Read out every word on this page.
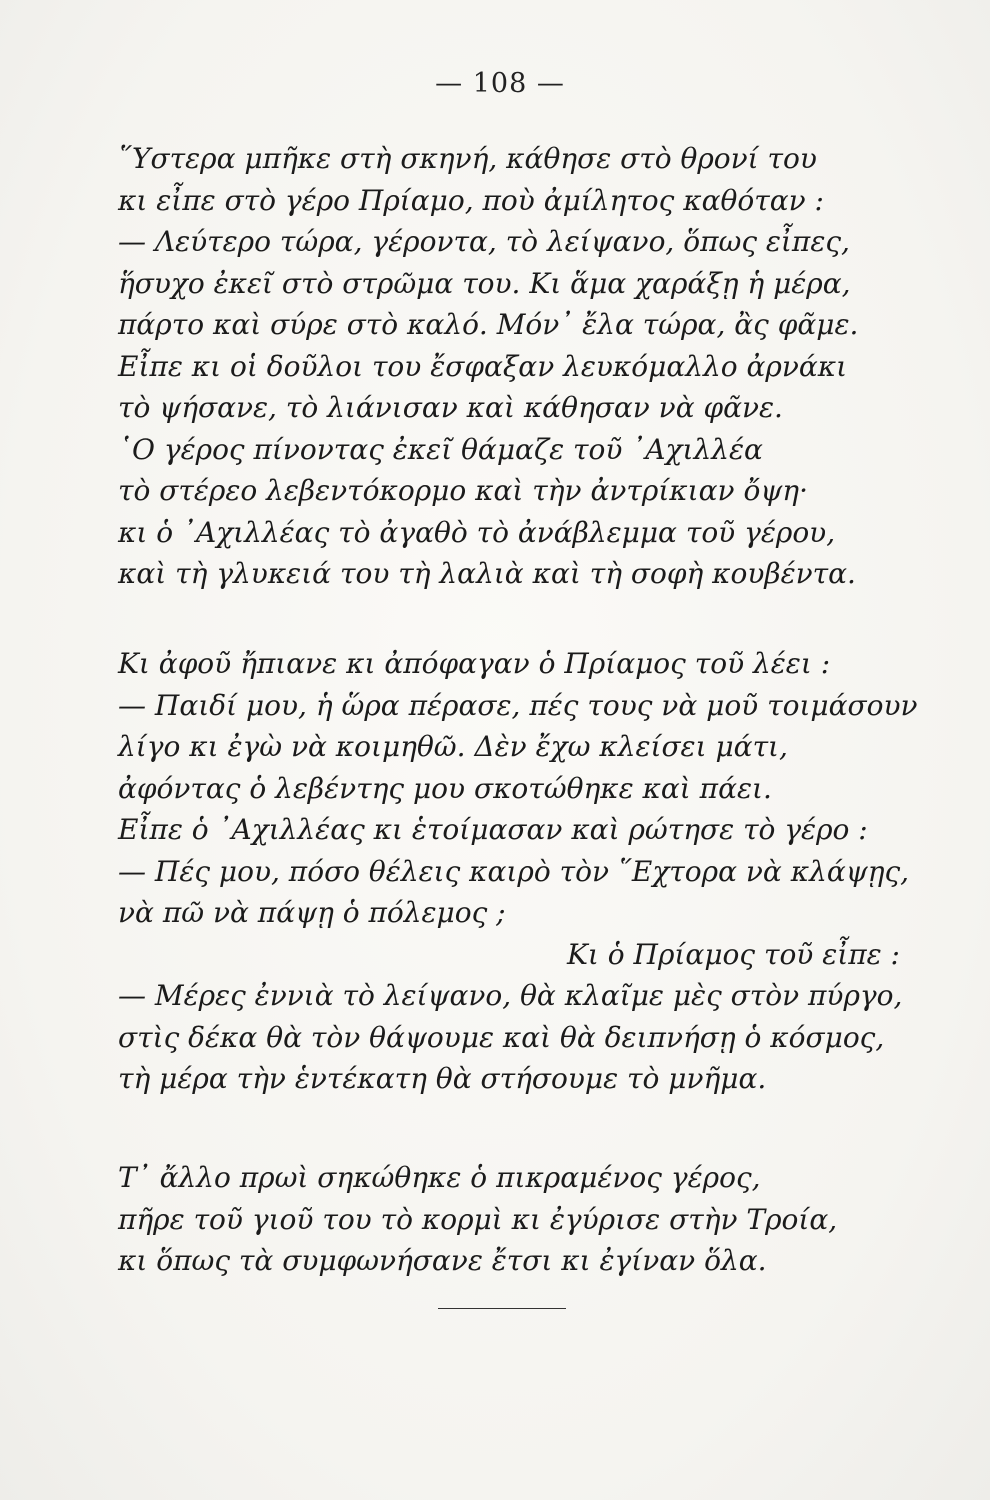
— 108 —
῞Υστερα μπῆκε στὴ σκηνή, κάθησε στὸ θρονί του
κι εἶπε στὸ γέρο Πρίαμο, ποὺ ἀμίλητος καθόταν :
— Λεύτερο τώρα, γέροντα, τὸ λείψανο, ὅπως εἶπες,
ἥσυχο ἐκεῖ στὸ στρῶμα του. Κι ἅμα χαράξῃ ἡ μέρα,
πάρτο καὶ σύρε στὸ καλό. Μόν᾽ ἔλα τώρα, ἂς φᾶμε.
Εἶπε κι οἱ δοῦλοι του ἔσφαξαν λευκόμαλλο ἀρνάκι
τὸ ψήσανε, τὸ λιάνισαν καὶ κάθησαν νὰ φᾶνε.
῾Ο γέρος πίνοντας ἐκεῖ θάμαζε τοῦ ᾽Αχιλλέα
τὸ στέρεο λεβεντόκορμο καὶ τὴν ἀντρίκιαν ὄψη·
κι ὁ ᾽Αχιλλέας τὸ ἀγαθὸ τὸ ἀνάβλεμμα τοῦ γέρου,
καὶ τὴ γλυκειά του τὴ λαλιὰ καὶ τὴ σοφὴ κουβέντα.
Κι ἀφοῦ ἤπιανε κι ἀπόφαγαν ὁ Πρίαμος τοῦ λέει :
— Παιδί μου, ἡ ὥρα πέρασε, πές τους νὰ μοῦ τοιμάσουν
λίγο κι ἐγὼ νὰ κοιμηθῶ. Δὲν ἔχω κλείσει μάτι,
ἀφόντας ὁ λεβέντης μου σκοτώθηκε καὶ πάει.
Εἶπε ὁ ᾽Αχιλλέας κι ἑτοίμασαν καὶ ρώτησε τὸ γέρο :
— Πές μου, πόσο θέλεις καιρὸ τὸν ῞Εχτορα νὰ κλάψῃς,
νὰ πῶ νὰ πάψῃ ὁ πόλεμος ;
Κι ὁ Πρίαμος τοῦ εἶπε :
— Μέρες ἐννιὰ τὸ λείψανο, θὰ κλαῖμε μὲς στὸν πύργο,
στὶς δέκα θὰ τὸν θάψουμε καὶ θὰ δειπνήσῃ ὁ κόσμος,
τὴ μέρα τὴν ἑντέκατη θὰ στήσουμε τὸ μνῆμα.
Τ᾽ ἄλλο πρωὶ σηκώθηκε ὁ πικραμένος γέρος,
πῆρε τοῦ γιοῦ του τὸ κορμὶ κι ἐγύρισε στὴν Τροία,
κι ὅπως τὰ συμφωνήσανε ἔτσι κι ἐγίναν ὅλα.
